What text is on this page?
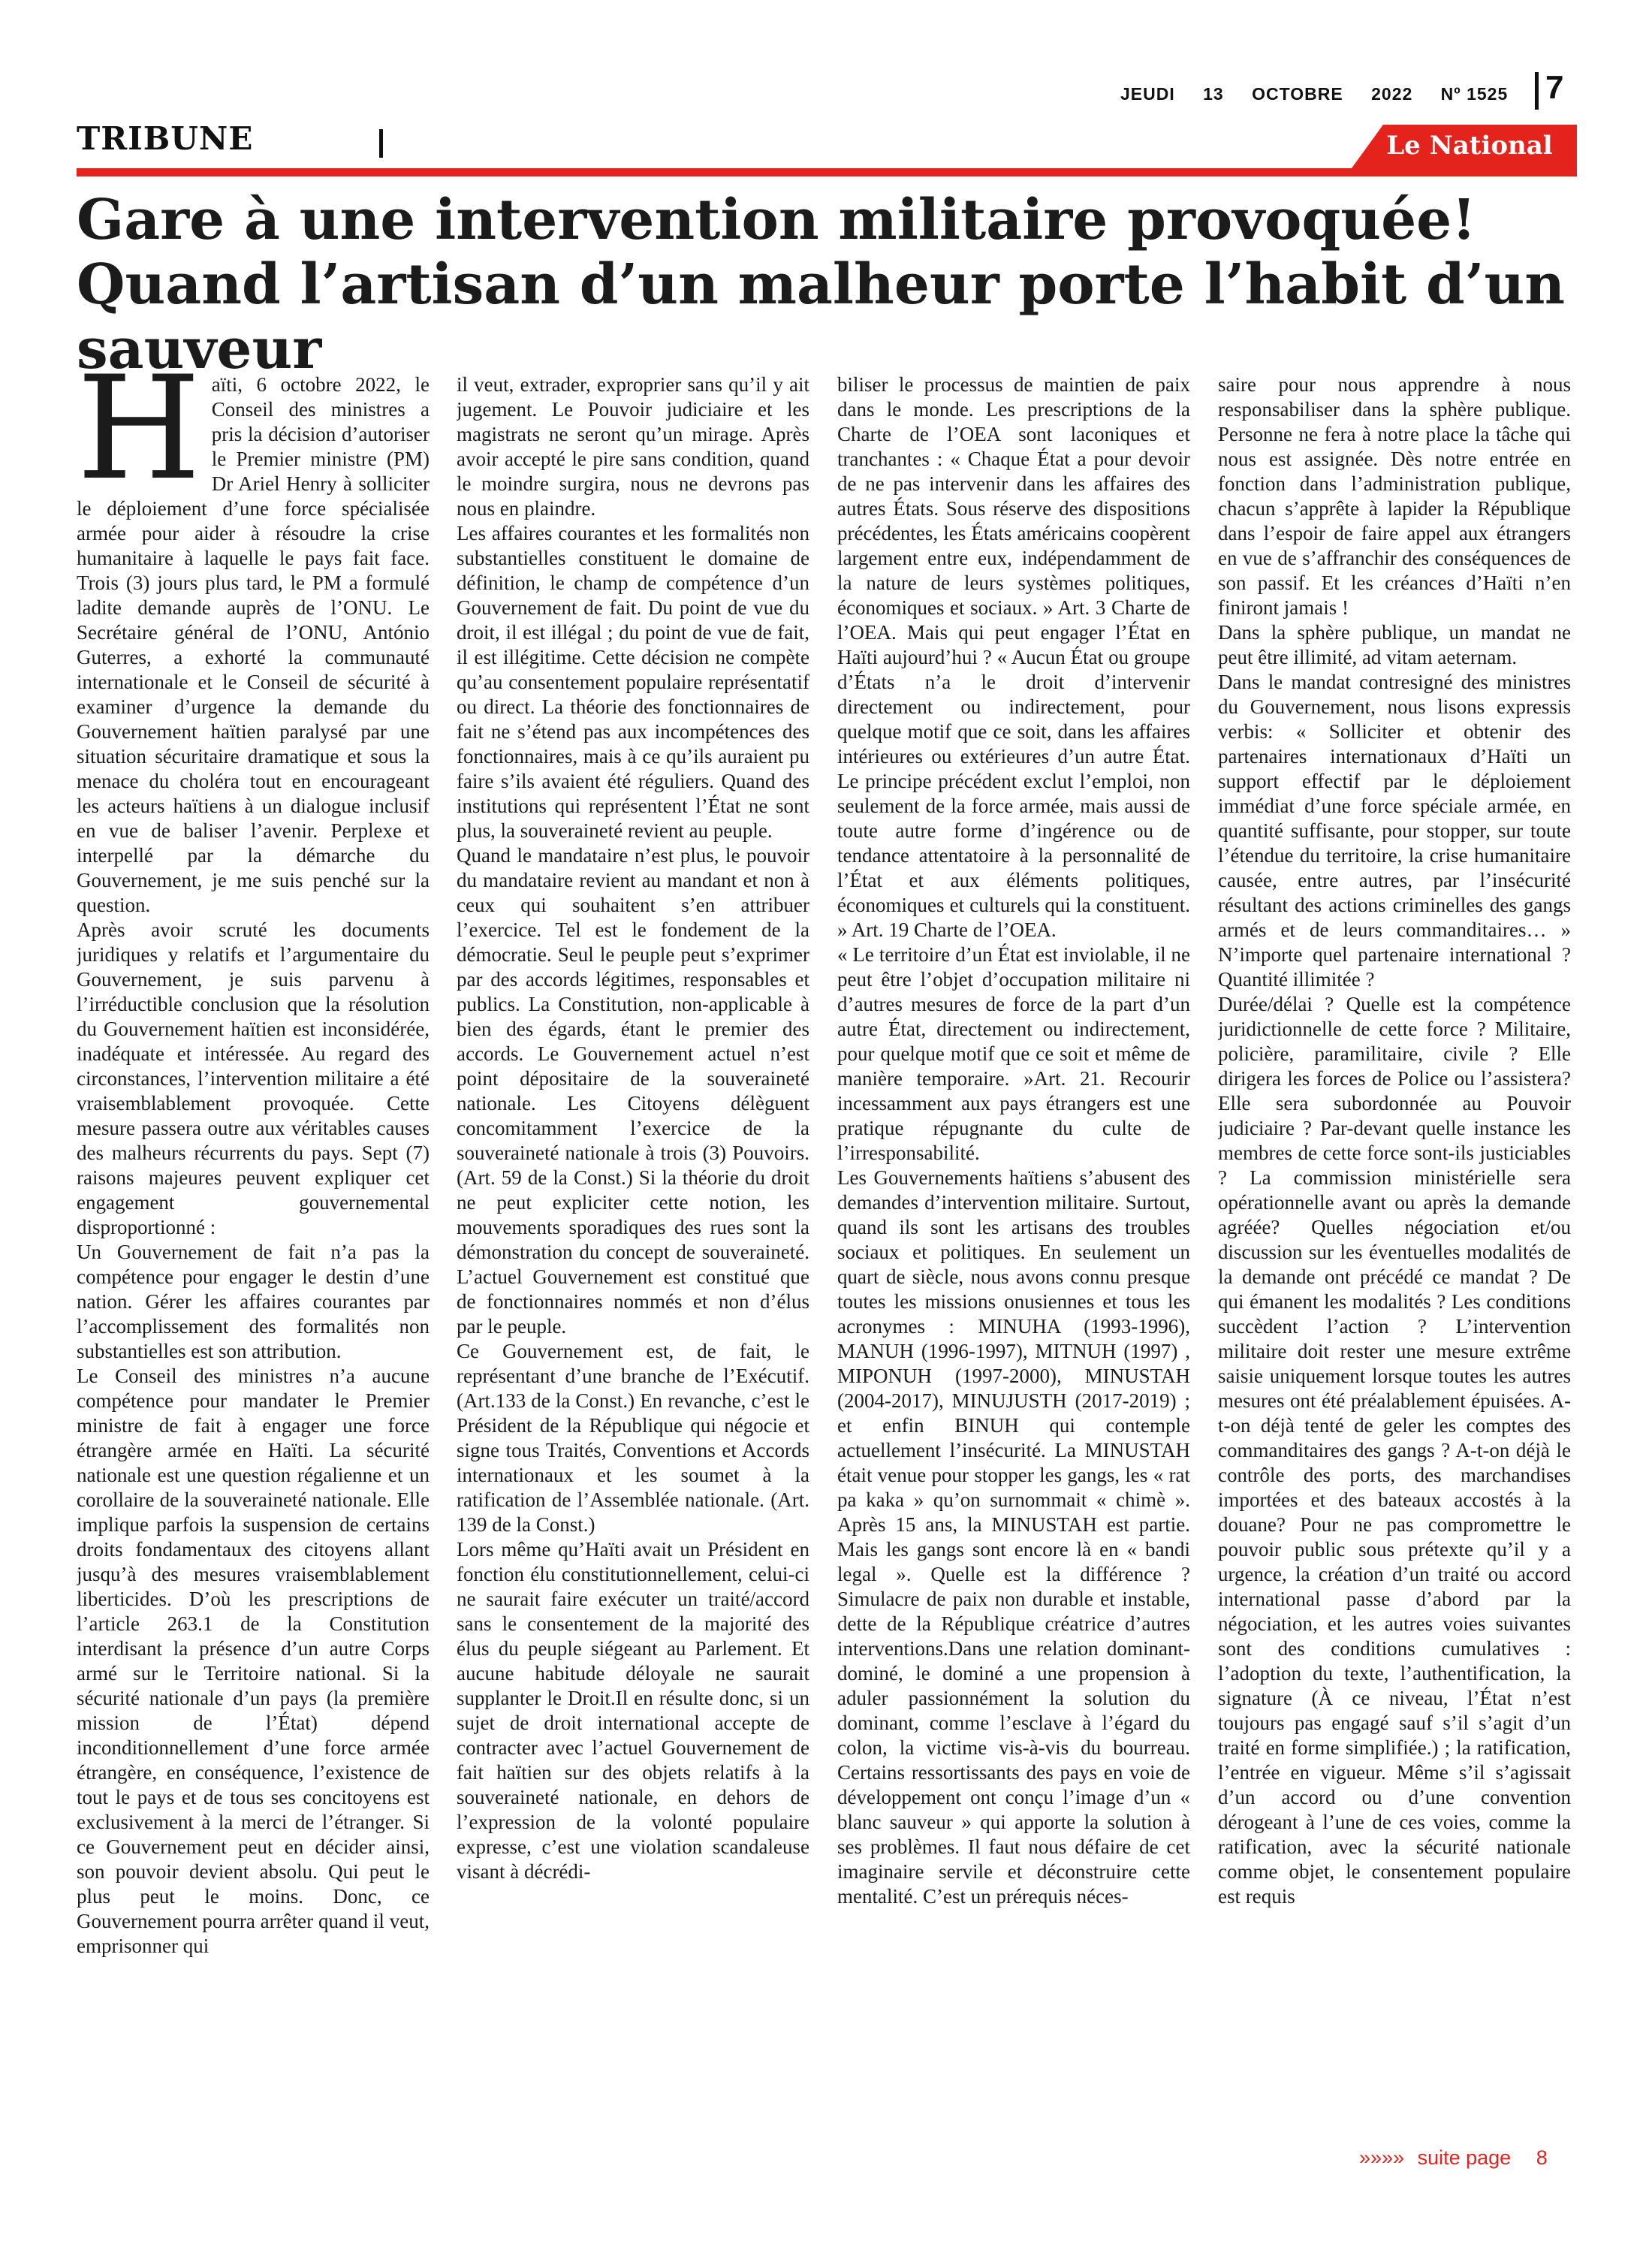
JEUDI 13 OCTOBRE 2022 Nº 1525	7
TRIBUNE	Le National
Gare à une intervention militaire provoquée! Quand l’artisan d’un malheur porte l’habit d’un sauveur
H aïti, 6 octobre 2022, le Conseil des ministres a pris la décision d’autoriser le Premier ministre (PM) Dr Ariel Henry à solliciter le déploiement d’une force spécialisée armée pour aider à résoudre la crise humanitaire à laquelle le pays fait face. Trois (3) jours plus tard, le PM a formulé ladite demande auprès de l’ONU. Le Secrétaire général de l’ONU, António Guterres, a exhorté la communauté internationale et le Conseil de sécurité à examiner d’urgence la demande du Gouvernement haïtien paralysé par une situation sécuritaire dramatique et sous la menace du choléra tout en encourageant les acteurs haïtiens à un dialogue inclusif en vue de baliser l’avenir. Perplexe et interpellé par la démarche du Gouvernement, je me suis penché sur la question.

Après avoir scruté les documents juridiques y relatifs et l’argumentaire du Gouvernement, je suis parvenu à l’irréductible conclusion que la résolution du Gouvernement haïtien est inconsidérée, inadéquate et intéressée. Au regard des circonstances, l’intervention militaire a été vraisemblablement provoquée. Cette mesure passera outre aux véritables causes des malheurs récurrents du pays. Sept (7) raisons majeures peuvent expliquer cet engagement gouvernemental disproportionné :

Un Gouvernement de fait n’a pas la compétence pour engager le destin d’une nation. Gérer les affaires courantes par l’accomplissement des formalités non substantielles est son attribution.

Le Conseil des ministres n’a aucune compétence pour mandater le Premier ministre de fait à engager une force étrangère armée en Haïti. La sécurité nationale est une question régalienne et un corollaire de la souveraineté nationale. Elle implique parfois la suspension de certains droits fondamentaux des citoyens allant jusqu’à des mesures vraisemblablement liberticides. D’où les prescriptions de l’article 263.1 de la Constitution interdisant la présence d’un autre Corps armé sur le Territoire national. Si la sécurité nationale d’un pays (la première mission de l’État) dépend inconditionnellement d’une force armée étrangère, en conséquence, l’existence de tout le pays et de tous ses concitoyens est exclusivement à la merci de l’étranger. Si ce Gouvernement peut en décider ainsi, son pouvoir devient absolu. Qui peut le plus peut le moins. Donc, ce Gouvernement pourra arrêter quand il veut, emprisonner qui

il veut, extrader, exproprier sans qu’il y ait jugement. Le Pouvoir judiciaire et les magistrats ne seront qu’un mirage. Après avoir accepté le pire sans condition, quand le moindre surgira, nous ne devrons pas nous en plaindre.

Les affaires courantes et les formalités non substantielles constituent le domaine de définition, le champ de compétence d’un Gouvernement de fait. Du point de vue du droit, il est illégal ; du point de vue de fait, il est illégitime. Cette décision ne compète qu’au consentement populaire représentatif ou direct. La théorie des fonctionnaires de fait ne s’étend pas aux incompétences des fonctionnaires, mais à ce qu’ils auraient pu faire s’ils avaient été réguliers. Quand des institutions qui représentent l’État ne sont plus, la souveraineté revient au peuple.

Quand le mandataire n’est plus, le pouvoir du mandataire revient au mandant et non à ceux qui souhaitent s’en attribuer l’exercice. Tel est le fondement de la démocratie. Seul le peuple peut s’exprimer par des accords légitimes, responsables et publics. La Constitution, non-applicable à bien des égards, étant le premier des accords. Le Gouvernement actuel n’est point dépositaire de la souveraineté nationale. Les Citoyens délèguent concomitamment l’exercice de la souveraineté nationale à trois (3) Pouvoirs. (Art. 59 de la Const.) Si la théorie du droit ne peut expliciter cette notion, les mouvements sporadiques des rues sont la démonstration du concept de souveraineté. L’actuel Gouvernement est constitué que de fonctionnaires nommés et non d’élus par le peuple.

Ce Gouvernement est, de fait, le représentant d’une branche de l’Exécutif. (Art.133 de la Const.) En revanche, c’est le Président de la République qui négocie et signe tous Traités, Conventions et Accords internationaux et les soumet à la ratification de l’Assemblée nationale. (Art. 139 de la Const.)

Lors même qu’Haïti avait un Président en fonction élu constitutionnellement, celui-ci ne saurait faire exécuter un traité/accord sans le consentement de la majorité des élus du peuple siégeant au Parlement. Et aucune habitude déloyale ne saurait supplanter le Droit.Il en résulte donc, si un sujet de droit international accepte de contracter avec l’actuel Gouvernement de fait haïtien sur des objets relatifs à la souveraineté nationale, en dehors de l’expression de la volonté populaire expresse, c’est une violation scandaleuse visant à décrédi-

biliser le processus de maintien de paix dans le monde. Les prescriptions de la Charte de l’OEA sont laconiques et tranchantes : « Chaque État a pour devoir de ne pas intervenir dans les affaires des autres États. Sous réserve des dispositions précédentes, les États américains coopèrent largement entre eux, indépendamment de la nature de leurs systèmes politiques, économiques et sociaux. » Art. 3 Charte de l’OEA. Mais qui peut engager l’État en Haïti aujourd’hui ? « Aucun État ou groupe d’États n’a le droit d’intervenir directement ou indirectement, pour quelque motif que ce soit, dans les affaires intérieures ou extérieures d’un autre État. Le principe précédent exclut l’emploi, non seulement de la force armée, mais aussi de toute autre forme d’ingérence ou de tendance attentatoire à la personnalité de l’État et aux éléments politiques, économiques et culturels qui la constituent. » Art. 19 Charte de l’OEA.

« Le territoire d’un État est inviolable, il ne peut être l’objet d’occupation militaire ni d’autres mesures de force de la part d’un autre État, directement ou indirectement, pour quelque motif que ce soit et même de manière temporaire. »Art. 21. Recourir incessamment aux pays étrangers est une pratique répugnante du culte de l’irresponsabilité.

Les Gouvernements haïtiens s’abusent des demandes d’intervention militaire. Surtout, quand ils sont les artisans des troubles sociaux et politiques. En seulement un quart de siècle, nous avons connu presque toutes les missions onusiennes et tous les acronymes : MINUHA (1993-1996), MANUH (1996-1997), MITNUH (1997) , MIPONUH (1997-2000), MINUSTAH (2004-2017), MINUJUSTH (2017-2019) ; et enfin BINUH qui contemple actuellement l’insécurité. La MINUSTAH était venue pour stopper les gangs, les « rat pa kaka » qu’on surnommait « chimè ». Après 15 ans, la MINUSTAH est partie. Mais les gangs sont encore là en « bandi legal ». Quelle est la différence ? Simulacre de paix non durable et instable, dette de la République créatrice d’autres interventions.Dans une relation dominant-dominé, le dominé a une propension à aduler passionnément la solution du dominant, comme l’esclave à l’égard du colon, la victime vis-à-vis du bourreau. Certains ressortissants des pays en voie de développement ont conçu l’image d’un « blanc sauveur » qui apporte la solution à ses problèmes. Il faut nous défaire de cet imaginaire servile et déconstruire cette mentalité. C’est un prérequis néces-

saire pour nous apprendre à nous responsabiliser dans la sphère publique. Personne ne fera à notre place la tâche qui nous est assignée. Dès notre entrée en fonction dans l’administration publique, chacun s’apprête à lapider la République dans l’espoir de faire appel aux étrangers en vue de s’affranchir des conséquences de son passif. Et les créances d’Haïti n’en finiront jamais !

Dans la sphère publique, un mandat ne peut être illimité, ad vitam aeternam.

Dans le mandat contresigné des ministres du Gouvernement, nous lisons expressis verbis: « Solliciter et obtenir des partenaires internationaux d’Haïti un support effectif par le déploiement immédiat d’une force spéciale armée, en quantité suffisante, pour stopper, sur toute l’étendue du territoire, la crise humanitaire causée, entre autres, par l’insécurité résultant des actions criminelles des gangs armés et de leurs commanditaires… » N’importe quel partenaire international ? Quantité illimitée ?

Durée/délai ? Quelle est la compétence juridictionnelle de cette force ? Militaire, policière, paramilitaire, civile ? Elle dirigera les forces de Police ou l’assistera? Elle sera subordonnée au Pouvoir judiciaire ? Par-devant quelle instance les membres de cette force sont-ils justiciables ? La commission ministérielle sera opérationnelle avant ou après la demande agréée? Quelles négociation et/ou discussion sur les éventuelles modalités de la demande ont précédé ce mandat ? De qui émanent les modalités ? Les conditions succèdent l’action ? L’intervention militaire doit rester une mesure extrême saisie uniquement lorsque toutes les autres mesures ont été préalablement épuisées. A-t-on déjà tenté de geler les comptes des commanditaires des gangs ? A-t-on déjà le contrôle des ports, des marchandises importées et des bateaux accostés à la douane? Pour ne pas compromettre le pouvoir public sous prétexte qu’il y a urgence, la création d’un traité ou accord international passe d’abord par la négociation, et les autres voies suivantes sont des conditions cumulatives : l’adoption du texte, l’authentification, la signature (À ce niveau, l’État n’est toujours pas engagé sauf s’il s’agit d’un traité en forme simplifiée.) ; la ratification, l’entrée en vigueur. Même s’il s’agissait d’un accord ou d’une convention dérogeant à l’une de ces voies, comme la ratification, avec la sécurité nationale comme objet, le consentement populaire est requis

»»»» suite page 8
